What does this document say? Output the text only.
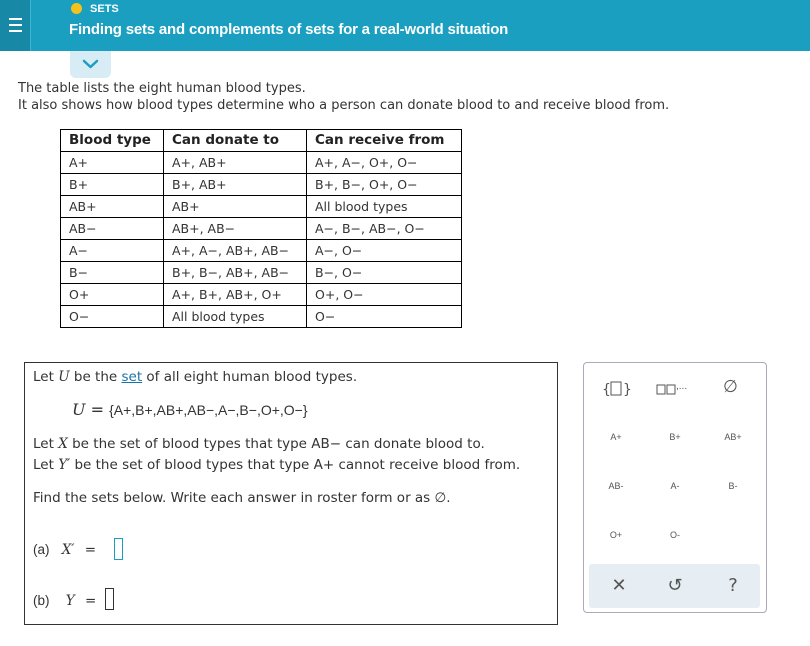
SETS
Finding sets and complements of sets for a real-world situation
The table lists the eight human blood types.
It also shows how blood types determine who a person can donate blood to and receive blood from.
Blood type	Can donate to	Can receive from
A+	A+, AB+	A+, A−, O+, O−
B+	B+, AB+	B+, B−, O+, O−
AB+	AB+	All blood types
AB−	AB+, AB−	A−, B−, AB−, O−
A−	A+, A−, AB+, AB−	A−, O−
B−	B+, B−, AB+, AB−	B−, O−
O+	A+, B+, AB+, O+	O+, O−
O−	All blood types	O−
Let U be the set of all eight human blood types.
U = {A+,B+,AB+,AB−,A−,B−,O+,O−}
Let X be the set of blood types that type AB− can donate blood to.
Let Y′ be the set of blood types that type A+ cannot receive blood from.
Find the sets below. Write each answer in roster form or as ∅.
(a) X′ =
(b) Y =
{ }	,... ∅
A+	B+	AB+
AB-	A-	B-
O+	O-
✕	↺	?
